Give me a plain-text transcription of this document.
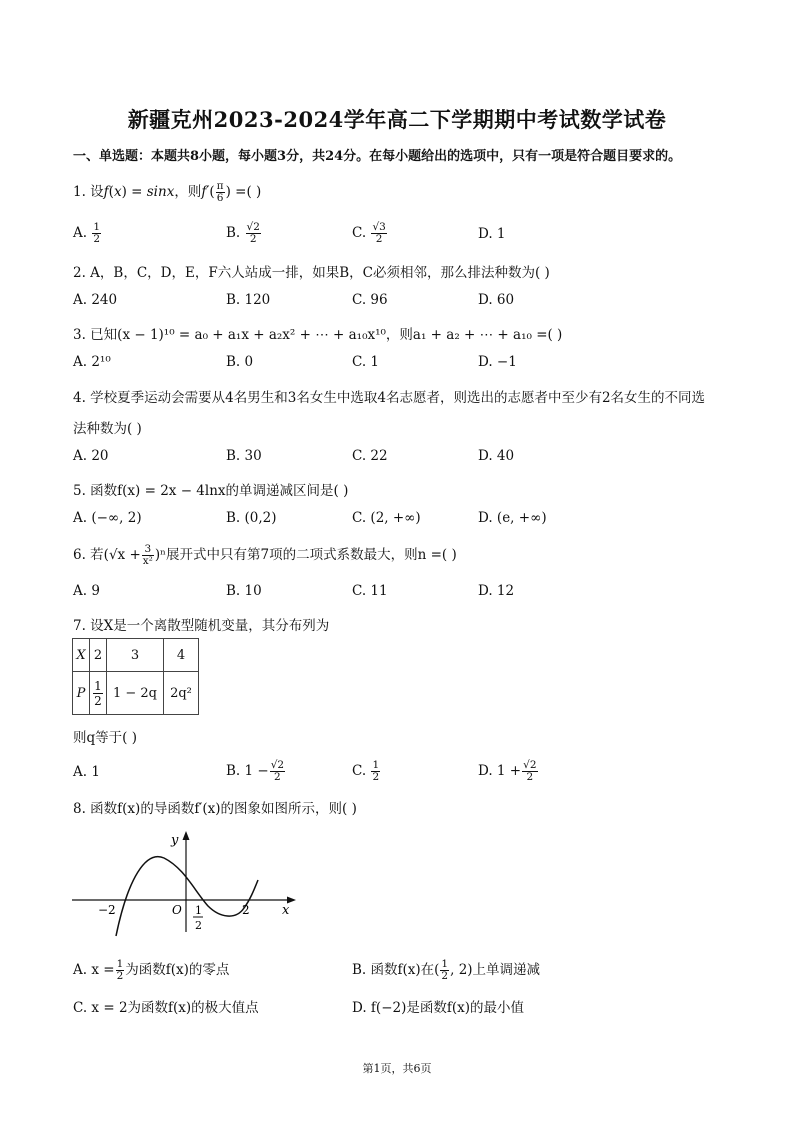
新疆克州2023-2024学年高二下学期期中考试数学试卷
一、单选题：本题共8小题，每小题3分，共24分。在每小题给出的选项中，只有一项是符合题目要求的。
1. 设f(x) = sinx，则$f'( \frac{\pi}{6}$ ) =( )
A. $\frac{1}{2}$	B. $\frac{√2}{2}$	C. $\frac{√3}{2}$	D. 1
2. A，B，C，D，E，F六人站成一排，如果B，C必须相邻，那么排法种数为( )
A. 240	B. 120	C. 96	D. 60
3. 已知(x − 1)¹⁰ = a₀ + a₁x + a₂x² + ⋯ + a₁₀x¹⁰，则a₁ + a₂ + ⋯ + a₁₀ =( )
A. 2¹⁰	B. 0	C. 1	D. −1
4. 学校夏季运动会需要从4名男生和3名女生中选取4名志愿者，则选出的志愿者中至少有2名女生的不同选
法种数为( )
A. 20	B. 30	C. 22	D. 40
5. 函数f(x) = 2x − 4lnx的单调递减区间是( )
A. (−∞, 2)	B. (0,2)	C. (2, +∞)	D. (e, +∞)
6. 若$(√x + \frac{3}{\text{x²}} )^n$展开式中只有第7项的二项式系数最大，则n =( )
A. 9	B. 10	C. 11	D. 12
7. 设X是一个离散型随机变量，其分布列为
X	2	3	4
P	$\frac{1}{2}$	1 − 2q	2q²
则q等于( )
A. 1	B. $1 - \frac{√2}{2}$	C. $\frac{1}{2}$	D. $1 + \frac{√2}{2}$
8. 函数f(x)的导函数f′(x)的图象如图所示，则( )
y
x
O
−2	2
1
2
A. $x = \frac{1}{2}$ 为函数f(x)的零点	B. 函数f(x)在( $\frac{1}{2}$ , 2)上单调递减
C. x = 2为函数f(x)的极大值点	D. f(−2)是函数f(x)的最小值
第1页，共6页
